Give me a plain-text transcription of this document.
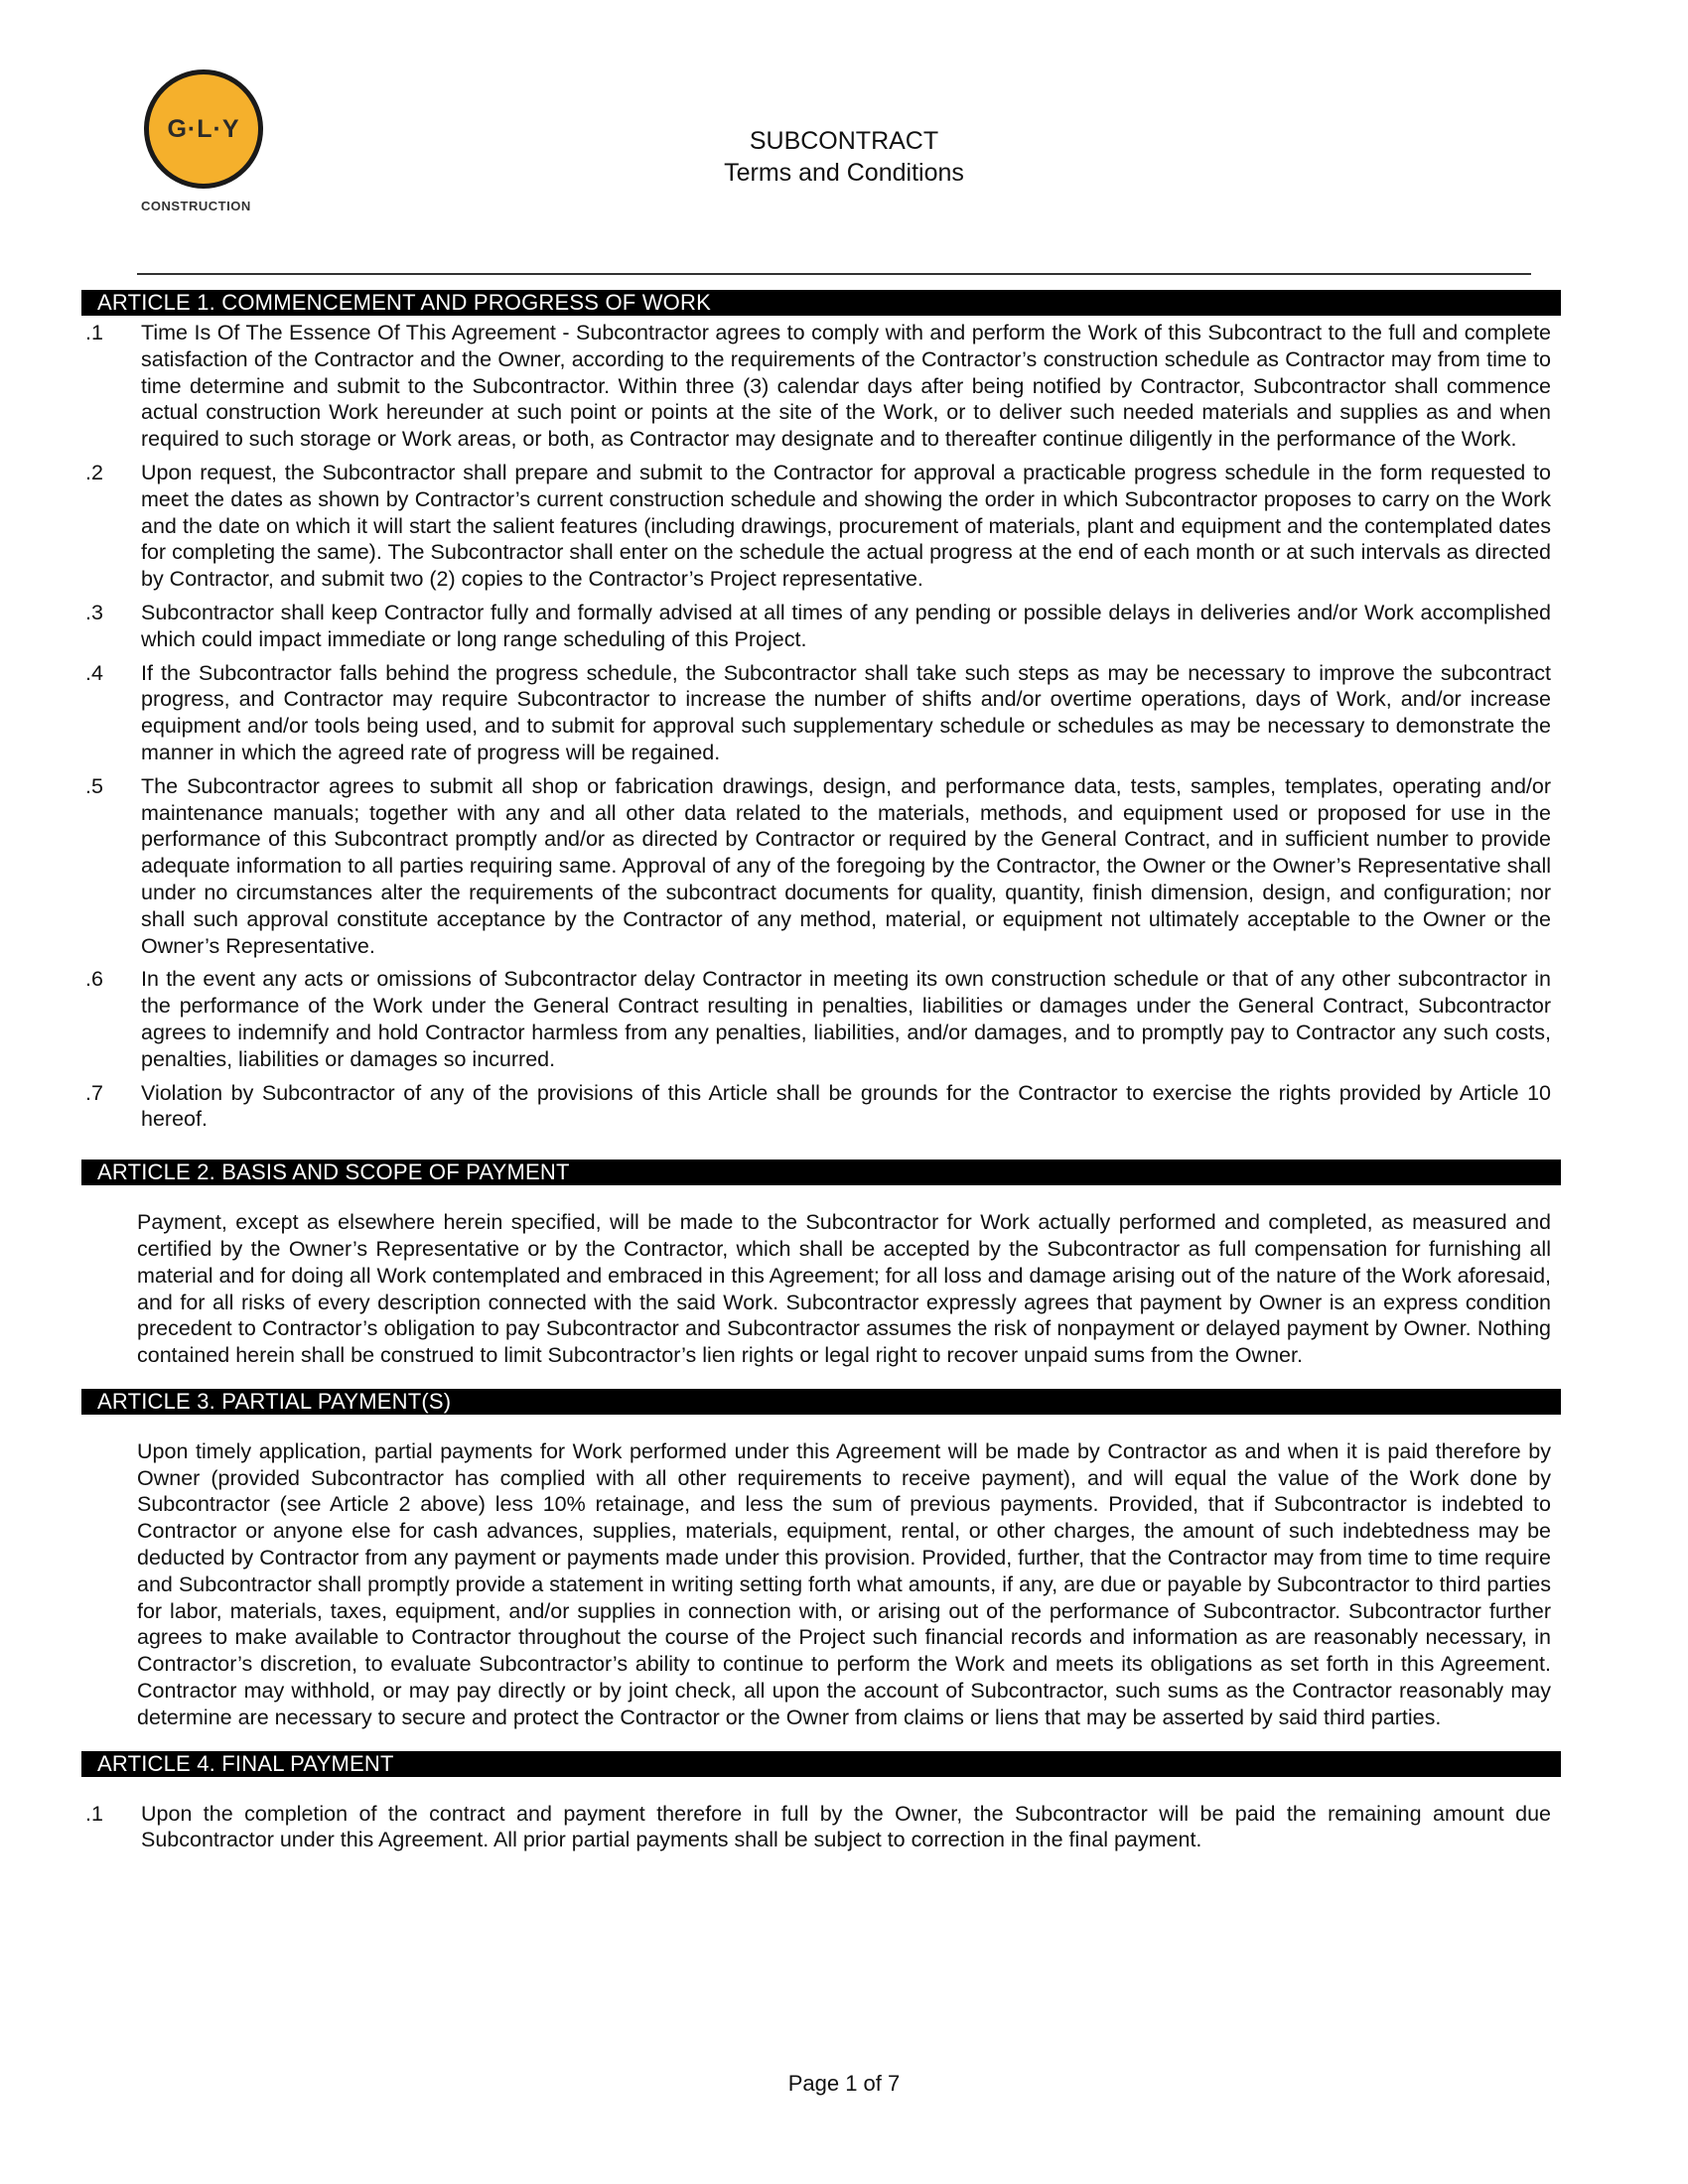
G·L·Y
CONSTRUCTION
SUBCONTRACT
Terms and Conditions
ARTICLE 1. COMMENCEMENT AND PROGRESS OF WORK
.1	Time Is Of The Essence Of This Agreement - Subcontractor agrees to comply with and perform the Work of this Subcontract to the full and complete satisfaction of the Contractor and the Owner, according to the requirements of the Contractor’s construction schedule as Contractor may from time to time determine and submit to the Subcontractor. Within three (3) calendar days after being notified by Contractor, Subcontractor shall commence actual construction Work hereunder at such point or points at the site of the Work, or to deliver such needed materials and supplies as and when required to such storage or Work areas, or both, as Contractor may designate and to thereafter continue diligently in the performance of the Work.
.2	Upon request, the Subcontractor shall prepare and submit to the Contractor for approval a practicable progress schedule in the form requested to meet the dates as shown by Contractor’s current construction schedule and showing the order in which Subcontractor proposes to carry on the Work and the date on which it will start the salient features (including drawings, procurement of materials, plant and equipment and the contemplated dates for completing the same). The Subcontractor shall enter on the schedule the actual progress at the end of each month or at such intervals as directed by Contractor, and submit two (2) copies to the Contractor’s Project representative.
.3	Subcontractor shall keep Contractor fully and formally advised at all times of any pending or possible delays in deliveries and/or Work accomplished which could impact immediate or long range scheduling of this Project.
.4	If the Subcontractor falls behind the progress schedule, the Subcontractor shall take such steps as may be necessary to improve the subcontract progress, and Contractor may require Subcontractor to increase the number of shifts and/or overtime operations, days of Work, and/or increase equipment and/or tools being used, and to submit for approval such supplementary schedule or schedules as may be necessary to demonstrate the manner in which the agreed rate of progress will be regained.
.5	The Subcontractor agrees to submit all shop or fabrication drawings, design, and performance data, tests, samples, templates, operating and/or maintenance manuals; together with any and all other data related to the materials, methods, and equipment used or proposed for use in the performance of this Subcontract promptly and/or as directed by Contractor or required by the General Contract, and in sufficient number to provide adequate information to all parties requiring same. Approval of any of the foregoing by the Contractor, the Owner or the Owner’s Representative shall under no circumstances alter the requirements of the subcontract documents for quality, quantity, finish dimension, design, and configuration; nor shall such approval constitute acceptance by the Contractor of any method, material, or equipment not ultimately acceptable to the Owner or the Owner’s Representative.
.6	In the event any acts or omissions of Subcontractor delay Contractor in meeting its own construction schedule or that of any other subcontractor in the performance of the Work under the General Contract resulting in penalties, liabilities or damages under the General Contract, Subcontractor agrees to indemnify and hold Contractor harmless from any penalties, liabilities, and/or damages, and to promptly pay to Contractor any such costs, penalties, liabilities or damages so incurred.
.7	Violation by Subcontractor of any of the provisions of this Article shall be grounds for the Contractor to exercise the rights provided by Article 10 hereof.
ARTICLE 2. BASIS AND SCOPE OF PAYMENT
Payment, except as elsewhere herein specified, will be made to the Subcontractor for Work actually performed and completed, as measured and certified by the Owner’s Representative or by the Contractor, which shall be accepted by the Subcontractor as full compensation for furnishing all material and for doing all Work contemplated and embraced in this Agreement; for all loss and damage arising out of the nature of the Work aforesaid, and for all risks of every description connected with the said Work. Subcontractor expressly agrees that payment by Owner is an express condition precedent to Contractor’s obligation to pay Subcontractor and Subcontractor assumes the risk of nonpayment or delayed payment by Owner. Nothing contained herein shall be construed to limit Subcontractor’s lien rights or legal right to recover unpaid sums from the Owner.
ARTICLE 3. PARTIAL PAYMENT(S)
Upon timely application, partial payments for Work performed under this Agreement will be made by Contractor as and when it is paid therefore by Owner (provided Subcontractor has complied with all other requirements to receive payment), and will equal the value of the Work done by Subcontractor (see Article 2 above) less 10% retainage, and less the sum of previous payments. Provided, that if Subcontractor is indebted to Contractor or anyone else for cash advances, supplies, materials, equipment, rental, or other charges, the amount of such indebtedness may be deducted by Contractor from any payment or payments made under this provision. Provided, further, that the Contractor may from time to time require and Subcontractor shall promptly provide a statement in writing setting forth what amounts, if any, are due or payable by Subcontractor to third parties for labor, materials, taxes, equipment, and/or supplies in connection with, or arising out of the performance of Subcontractor. Subcontractor further agrees to make available to Contractor throughout the course of the Project such financial records and information as are reasonably necessary, in Contractor’s discretion, to evaluate Subcontractor’s ability to continue to perform the Work and meets its obligations as set forth in this Agreement. Contractor may withhold, or may pay directly or by joint check, all upon the account of Subcontractor, such sums as the Contractor reasonably may determine are necessary to secure and protect the Contractor or the Owner from claims or liens that may be asserted by said third parties.
ARTICLE 4. FINAL PAYMENT
.1	Upon the completion of the contract and payment therefore in full by the Owner, the Subcontractor will be paid the remaining amount due Subcontractor under this Agreement. All prior partial payments shall be subject to correction in the final payment.
Page 1 of 7
